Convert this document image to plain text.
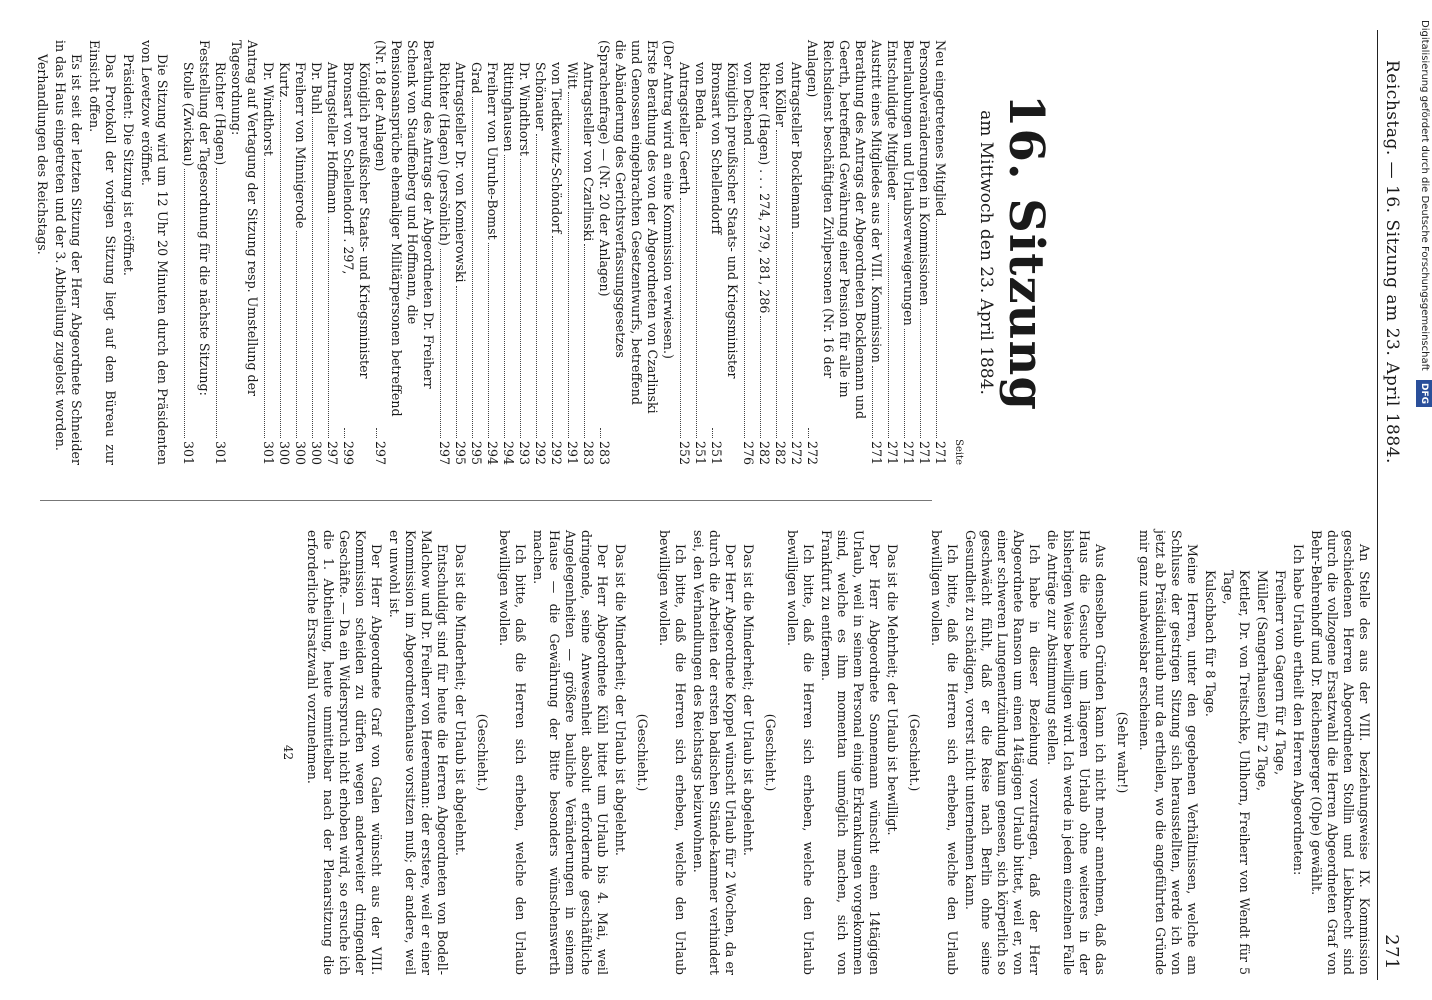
Reichstag. — 16. Sitzung am 23. April 1884.
271
16. Sitzung
am Mittwoch den 23. April 1884.
Seite
Neu eingetretenes Mitglied
271
Personalveränderungen in Kommissionen
271
Beurlaubungen und Urlaubsverweigerungen
271
Entschuldigte Mitglieder
271
Austritt eines Mitgliedes aus der VIII. Kommission
271
Berathung des Antrags der Abgeordneten Bocklemann und Geerth, betreffend Gewährung einer Pension für alle im Reichsdienst beschäftigten Zivilpersonen (Nr. 16 der Anlagen)
272
Antragsteller Bocklemann
272
von Köller
282
Richter (Hagen) . . . 274, 279, 281, 286
282
von Dechend
276
Königlich preußischer Staats- und Kriegsminister Bronsart von Schellendorff
251
von Benda
251
Antragsteller Geerth
252
(Der Antrag wird an eine Kommission verwiesen.)
Erste Berathung des von der Abgeordneten von Czarlinski und Genossen eingebrachten Gesetzentwurfs, betreffend die Abänderung des Gerichtsverfassungsgesetzes (Sprachenfrage) — (Nr. 20 der Anlagen)
283
Antragsteller von Czarlinski
283
Witt
291
von Tiedtkewitz-Schöndorf
292
Schönauer
292
Dr. Windthorst
293
Rittinghausen
294
Freiherr von Unruhe-Bomst
294
Grad
295
Antragsteller Dr. von Komierowski
295
Richter (Hagen) (persönlich)
297
Berathung des Antrags der Abgeordneten Dr. Freiherr Schenk von Stauffenberg und Hoffmann, die Pensionsansprüche ehemaliger Militärpersonen betreffend (Nr. 18 der Anlagen)
297
Königlich preußischer Staats- und Kriegsminister Bronsart von Schellendorff . 297,
299
Antragsteller Hoffmann
297
Dr. Buhl
300
Freiherr von Minnigerode
300
Kurtz
300
Dr. Windthorst
301
Antrag auf Vertagung der Sitzung resp. Umstellung der Tagesordnung:
Richter (Hagen)
301
Feststellung der Tagesordnung für die nächste Sitzung:
Stolle (Zwickau)
301

Die Sitzung wird um 12 Uhr 20 Minuten durch den Präsidenten von Levetzow eröffnet.

Präsident: Die Sitzung ist eröffnet.

Das Protokoll der vorigen Sitzung liegt auf dem Büreau zur Einsicht offen.

Es ist seit der letzten Sitzung der Herr Abgeordnete Schneider in das Haus eingetreten und der 3. Abtheilung zugelost worden.

Verhandlungen des Reichstags.

An Stelle des aus der VIII. beziehungsweise IX. Kommission geschiedenen Herren Abgeordneten Stollin und Liebknecht sind durch die vollzogene Ersatzwahl die Herren Abgeordneten Graf von Behr-Behrenhoff und Dr. Reichensperger (Olpe) gewählt.

Ich habe Urlaub ertheilt den Herren Abgeordneten:

Freiherr von Gagern für 4 Tage,

Müller (Sangerhausen) für 2 Tage,

Kettler, Dr. von Treitschke, Uhlhorn, Freiherr von Wendt für 5 Tage,

Kulschbach für 8 Tage.

Meine Herren, unter den gegebenen Verhältnissen, welche am Schlusse der gestrigen Sitzung sich herausstellten, werde ich von jetzt ab Präsidialurlaub nur da ertheilen, wo die angeführten Gründe mir ganz unabweisbar erscheinen.

(Sehr wahr!)

Aus denselben Gründen kann ich nicht mehr annehmen, daß das Haus die Gesuche um längeren Urlaub ohne weiteres in der bisherigen Weise bewilligen wird. Ich werde in jedem einzelnen Falle die Anträge zur Abstimmung stellen.

Ich habe in dieser Beziehung vorzutragen, daß der Herr Abgeordnete Ranson um einen 14tägigen Urlaub bittet, weil er, von einer schweren Lungenentzündung kaum genesen, sich körperlich so geschwächt fühlt, daß er die Reise nach Berlin ohne seine Gesundheit zu schädigen, vorerst nicht unternehmen kann.

Ich bitte, daß die Herren sich erheben, welche den Urlaub bewilligen wollen.

(Geschieht.)

Das ist die Mehrheit; der Urlaub ist bewilligt.

Der Herr Abgeordnete Sonnemann wünscht einen 14tägigen Urlaub, weil in seinem Personal einige Erkrankungen vorgekommen sind, welche es ihm momentan unmöglich machen, sich von Frankfurt zu entfernen.

Ich bitte, daß die Herren sich erheben, welche den Urlaub bewilligen wollen.

(Geschieht.)

Das ist die Minderheit; der Urlaub ist abgelehnt.

Der Herr Abgeordnete Koppel wünscht Urlaub für 2 Wochen, da er durch die Arbeiten der ersten badischen Stände-kammer verhindert sei, den Verhandlungen des Reichstags beizuwohnen.

Ich bitte, daß die Herren sich erheben, welche den Urlaub bewilligen wollen.

(Geschieht.)

Das ist die Minderheit; der Urlaub ist abgelehnt.

Der Herr Abgeordnete Kühl bittet um Urlaub bis 4. Mai, weil dringende, seine Anwesenheit absolut erfordernde geschäftliche Angelegenheiten — größere bauliche Veränderungen in seinem Hause — die Gewährung der Bitte besonders wünschenswerth machen.

Ich bitte, daß die Herren sich erheben, welche den Urlaub bewilligen wollen.

(Geschieht.)

Das ist die Minderheit; der Urlaub ist abgelehnt.

Entschuldigt sind für heute die Herren Abgeordneten von Bodell-Malchow und Dr. Freiherr von Heeremann: der erstere, weil er einer Kommission im Abgeordnetenhause vorsitzen muß; der andere, weil er unwohl ist.

Der Herr Abgeordnete Graf von Galen wünscht aus der VIII. Kommission scheiden zu dürfen wegen anderweiter dringender Geschäfte. — Da ein Widerspruch nicht erhoben wird, so ersuche ich die 1. Abtheilung, heute unmittelbar nach der Plenarsitzung die erforderliche Ersatzwahl vorzunehmen.

42
Digitalisierung gefördert durch die Deutsche Forschungsgemeinschaft DFG
